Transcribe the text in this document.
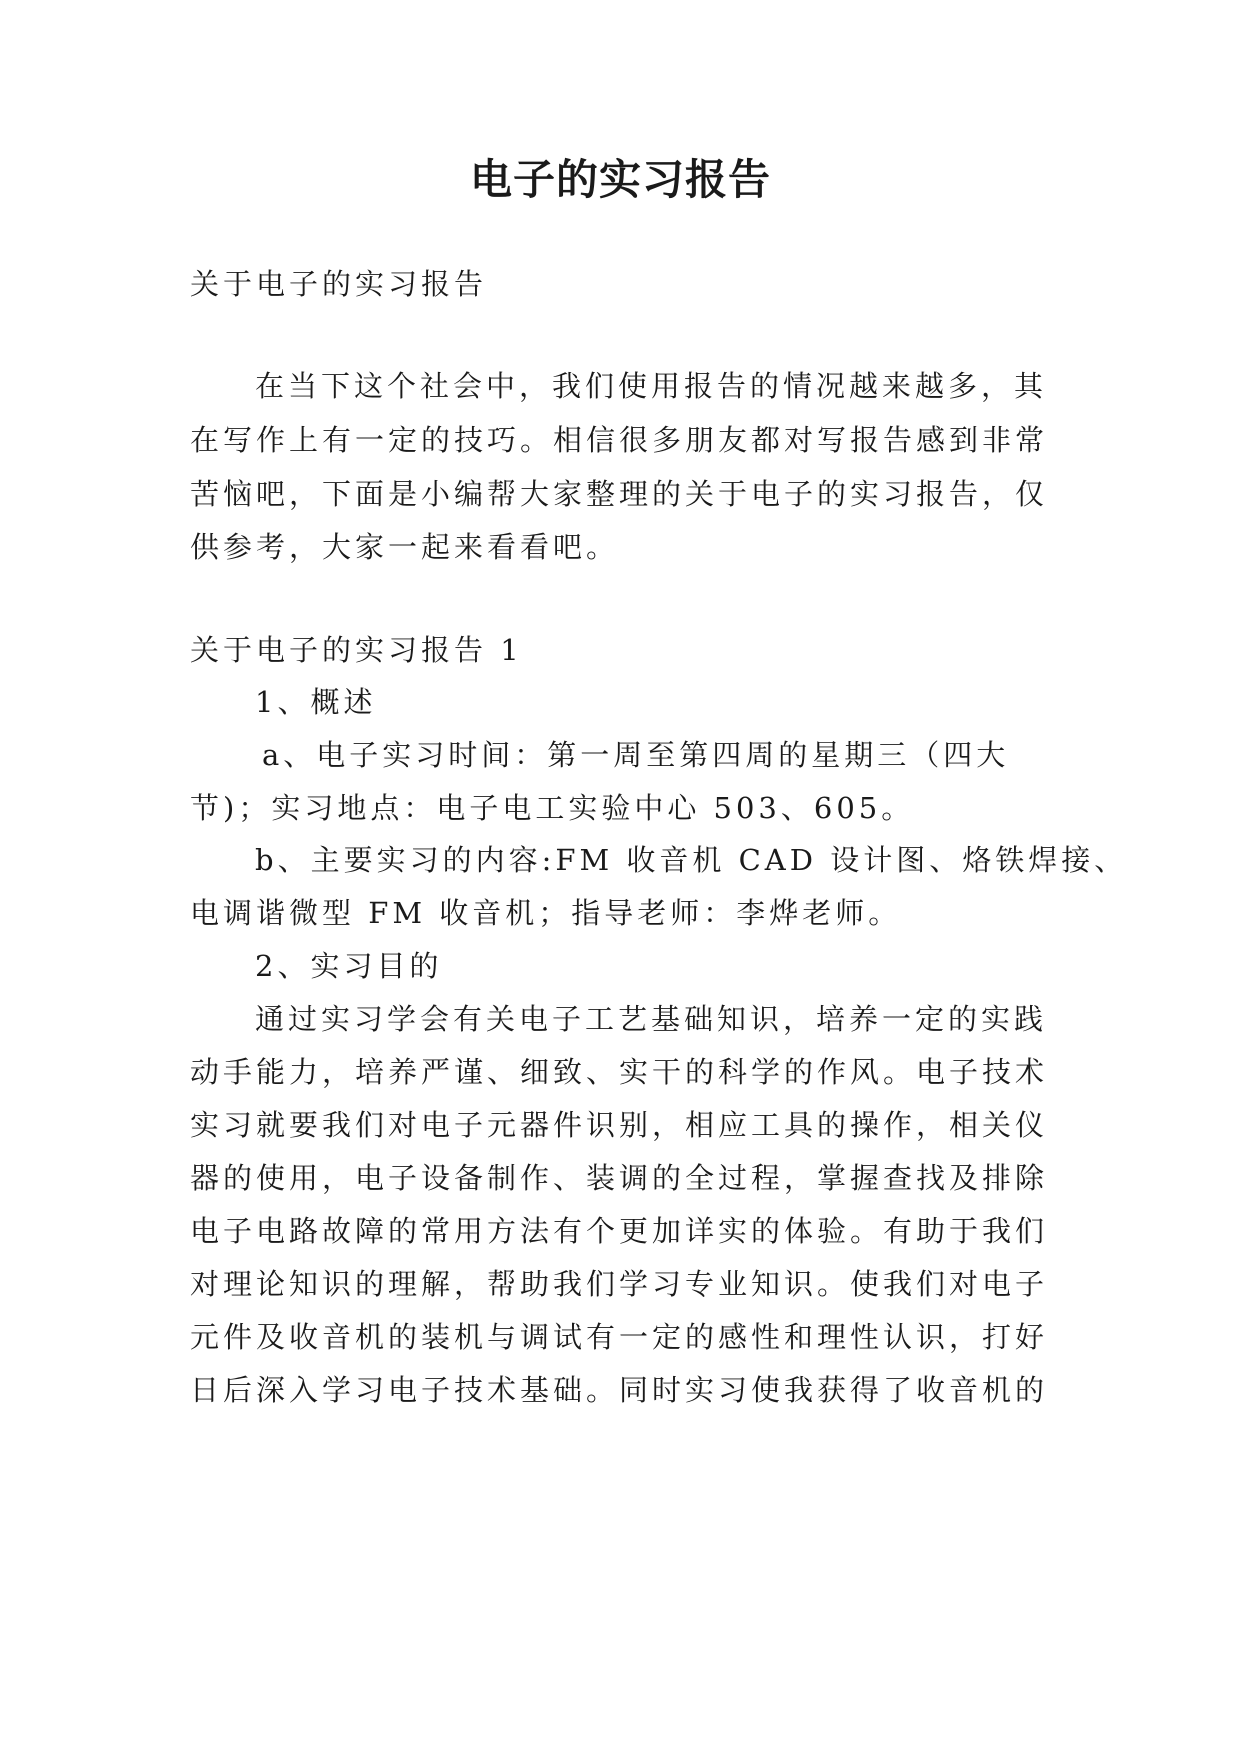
电子的实习报告
关于电子的实习报告
在当下这个社会中，我们使用报告的情况越来越多，其
在写作上有一定的技巧。相信很多朋友都对写报告感到非常
苦恼吧，下面是小编帮大家整理的关于电子的实习报告，仅
供参考，大家一起来看看吧。
关于电子的实习报告 1
1、概述
a、电子实习时间：第一周至第四周的星期三（四大
节)；实习地点：电子电工实验中心 503、605。
b、主要实习的内容:FM 收音机 CAD 设计图、烙铁焊接、
电调谐微型 FM 收音机；指导老师：李烨老师。
2、实习目的
通过实习学会有关电子工艺基础知识，培养一定的实践
动手能力，培养严谨、细致、实干的科学的作风。电子技术
实习就要我们对电子元器件识别，相应工具的操作，相关仪
器的使用，电子设备制作、装调的全过程，掌握查找及排除
电子电路故障的常用方法有个更加详实的体验。有助于我们
对理论知识的理解，帮助我们学习专业知识。使我们对电子
元件及收音机的装机与调试有一定的感性和理性认识，打好
日后深入学习电子技术基础。同时实习使我获得了收音机的
